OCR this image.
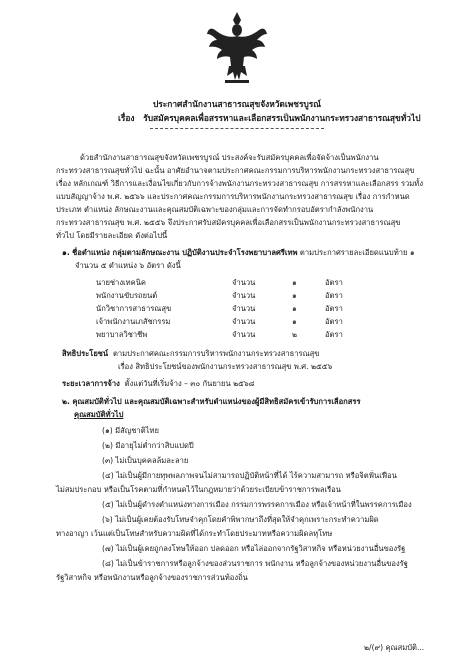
ประกาศสำนักงานสาธารณสุขจังหวัดเพชรบูรณ์
เรื่อง รับสมัครบุคคลเพื่อสรรหาและเลือกสรรเป็นพนักงานกระทรวงสาธารณสุขทั่วไป
ด้วยสำนักงานสาธารณสุขจังหวัดเพชรบูรณ์ ประสงค์จะรับสมัครบุคคลเพื่อจัดจ้างเป็นพนักงาน
กระทรวงสาธารณสุขทั่วไป ฉะนั้น อาศัยอำนาจตามประกาศคณะกรรมการบริหารพนักงานกระทรวงสาธารณสุข
เรื่อง หลักเกณฑ์ วิธีการและเงื่อนไขเกี่ยวกับการจ้างพนักงานกระทรวงสาธารณสุข การสรรหาและเลือกสรร รวมทั้ง
แบบสัญญาจ้าง พ.ศ. ๒๕๖๖ และประกาศคณะกรรมการบริหารพนักงานกระทรวงสาธารณสุข เรื่อง การกำหนด
ประเภท ตำแหน่ง ลักษณะงานและคุณสมบัติเฉพาะของกลุ่มและการจัดทำกรอบอัตรากำลังพนักงาน
กระทรวงสาธารณสุข พ.ศ. ๒๕๕๖ จึงประกาศรับสมัครบุคคลเพื่อเลือกสรรเป็นพนักงานกระทรวงสาธารณสุข
ทั่วไป โดยมีรายละเอียด ดังต่อไปนี้
๑. ชื่อตำแหน่ง กลุ่มตามลักษณะงาน ปฏิบัติงานประจำโรงพยาบาลศรีเทพ ตามประกาศรายละเอียดแนบท้าย ๑
จำนวน ๕ ตำแหน่ง ๖ อัตรา ดังนี้
นายช่างเทคนิค	จำนวน	๑	อัตรา
พนักงานขับรถยนต์	จำนวน	๑	อัตรา
นักวิชาการสาธารณสุข	จำนวน	๑	อัตรา
เจ้าพนักงานเภสัชกรรม	จำนวน	๑	อัตรา
พยาบาลวิชาชีพ	จำนวน	๒	อัตรา
สิทธิประโยชน์ ตามประกาศคณะกรรมการบริหารพนักงานกระทรวงสาธารณสุข
เรื่อง สิทธิประโยชน์ของพนักงานกระทรวงสาธารณสุข พ.ศ. ๒๕๕๖
ระยะเวลาการจ้าง ตั้งแต่วันที่เริ่มจ้าง – ๓๐ กันยายน ๒๕๖๘
๒. คุณสมบัติทั่วไป และคุณสมบัติเฉพาะสำหรับตำแหน่งของผู้มีสิทธิสมัครเข้ารับการเลือกสรร
คุณสมบัติทั่วไป
(๑) มีสัญชาติไทย
(๒) มีอายุไม่ต่ำกว่าสิบแปดปี
(๓) ไม่เป็นบุคคลล้มละลาย
(๔) ไม่เป็นผู้มีกายทุพพลภาพจนไม่สามารถปฏิบัติหน้าที่ได้ ไร้ความสามารถ หรือจิตฟั่นเฟือน
ไม่สมประกอบ หรือเป็นโรคตามที่กำหนดไว้ในกฎหมายว่าด้วยระเบียบข้าราชการพลเรือน
(๕) ไม่เป็นผู้ดำรงตำแหน่งทางการเมือง กรรมการพรรคการเมือง หรือเจ้าหน้าที่ในพรรคการเมือง
(๖) ไม่เป็นผู้เคยต้องรับโทษจำคุกโดยคำพิพากษาถึงที่สุดให้จำคุกเพราะกระทำความผิด
ทางอาญา เว้นแต่เป็นโทษสำหรับความผิดที่ได้กระทำโดยประมาทหรือความผิดลหุโทษ
(๗) ไม่เป็นผู้เคยถูกลงโทษให้ออก ปลดออก หรือไล่ออกจากรัฐวิสาหกิจ หรือหน่วยงานอื่นของรัฐ
(๘) ไม่เป็นข้าราชการหรือลูกจ้างของส่วนราชการ พนักงาน หรือลูกจ้างของหน่วยงานอื่นของรัฐ
รัฐวิสาหกิจ หรือพนักงานหรือลูกจ้างของราชการส่วนท้องถิ่น
๒/(๙) คุณสมบัติ...
